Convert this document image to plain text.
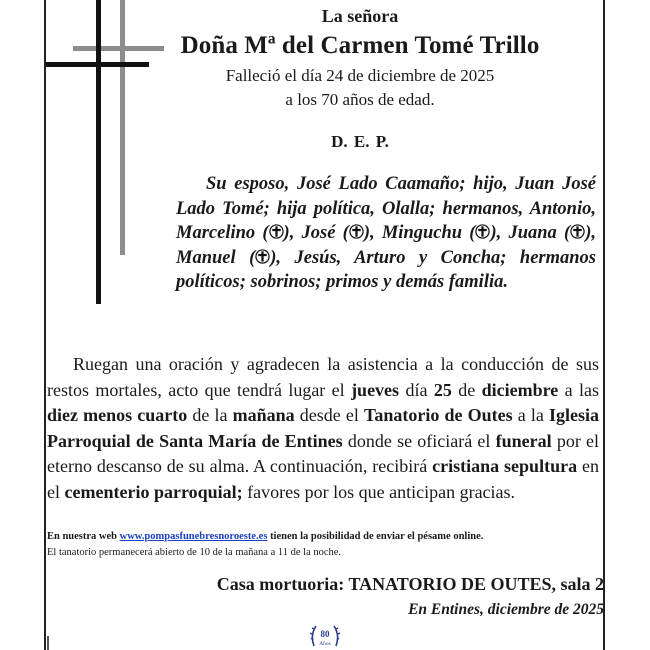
La señora
Doña Mª del Carmen Tomé Trillo
Falleció el día 24 de diciembre de 2025
a los 70 años de edad.
D. E. P.
Su esposo, José Lado Caamaño; hijo, Juan José Lado Tomé; hija política, Olalla; hermanos, Antonio, Marcelino ( ), José ( ), Minguchu ( ), Juana ( ), Manuel ( ), Jesús, Arturo y Concha; hermanos políticos; sobrinos; primos y demás familia.
Ruegan una oración y agradecen la asistencia a la conducción de sus restos mortales, acto que tendrá lugar el jueves día 25 de diciembre a las diez menos cuarto de la mañana desde el Tanatorio de Outes a la Iglesia Parroquial de Santa María de Entines donde se oficiará el funeral por el eterno descanso de su alma. A continuación, recibirá cristiana sepultura en el cementerio parroquial; favores por los que anticipan gracias.
En nuestra web www.pompasfunebresnoroeste.es tienen la posibilidad de enviar el pésame online.
El tanatorio permanecerá abierto de 10 de la mañana a 11 de la noche.
Casa mortuoria: TANATORIO DE OUTES, sala 2
En Entines, diciembre de 2025
80
Años
